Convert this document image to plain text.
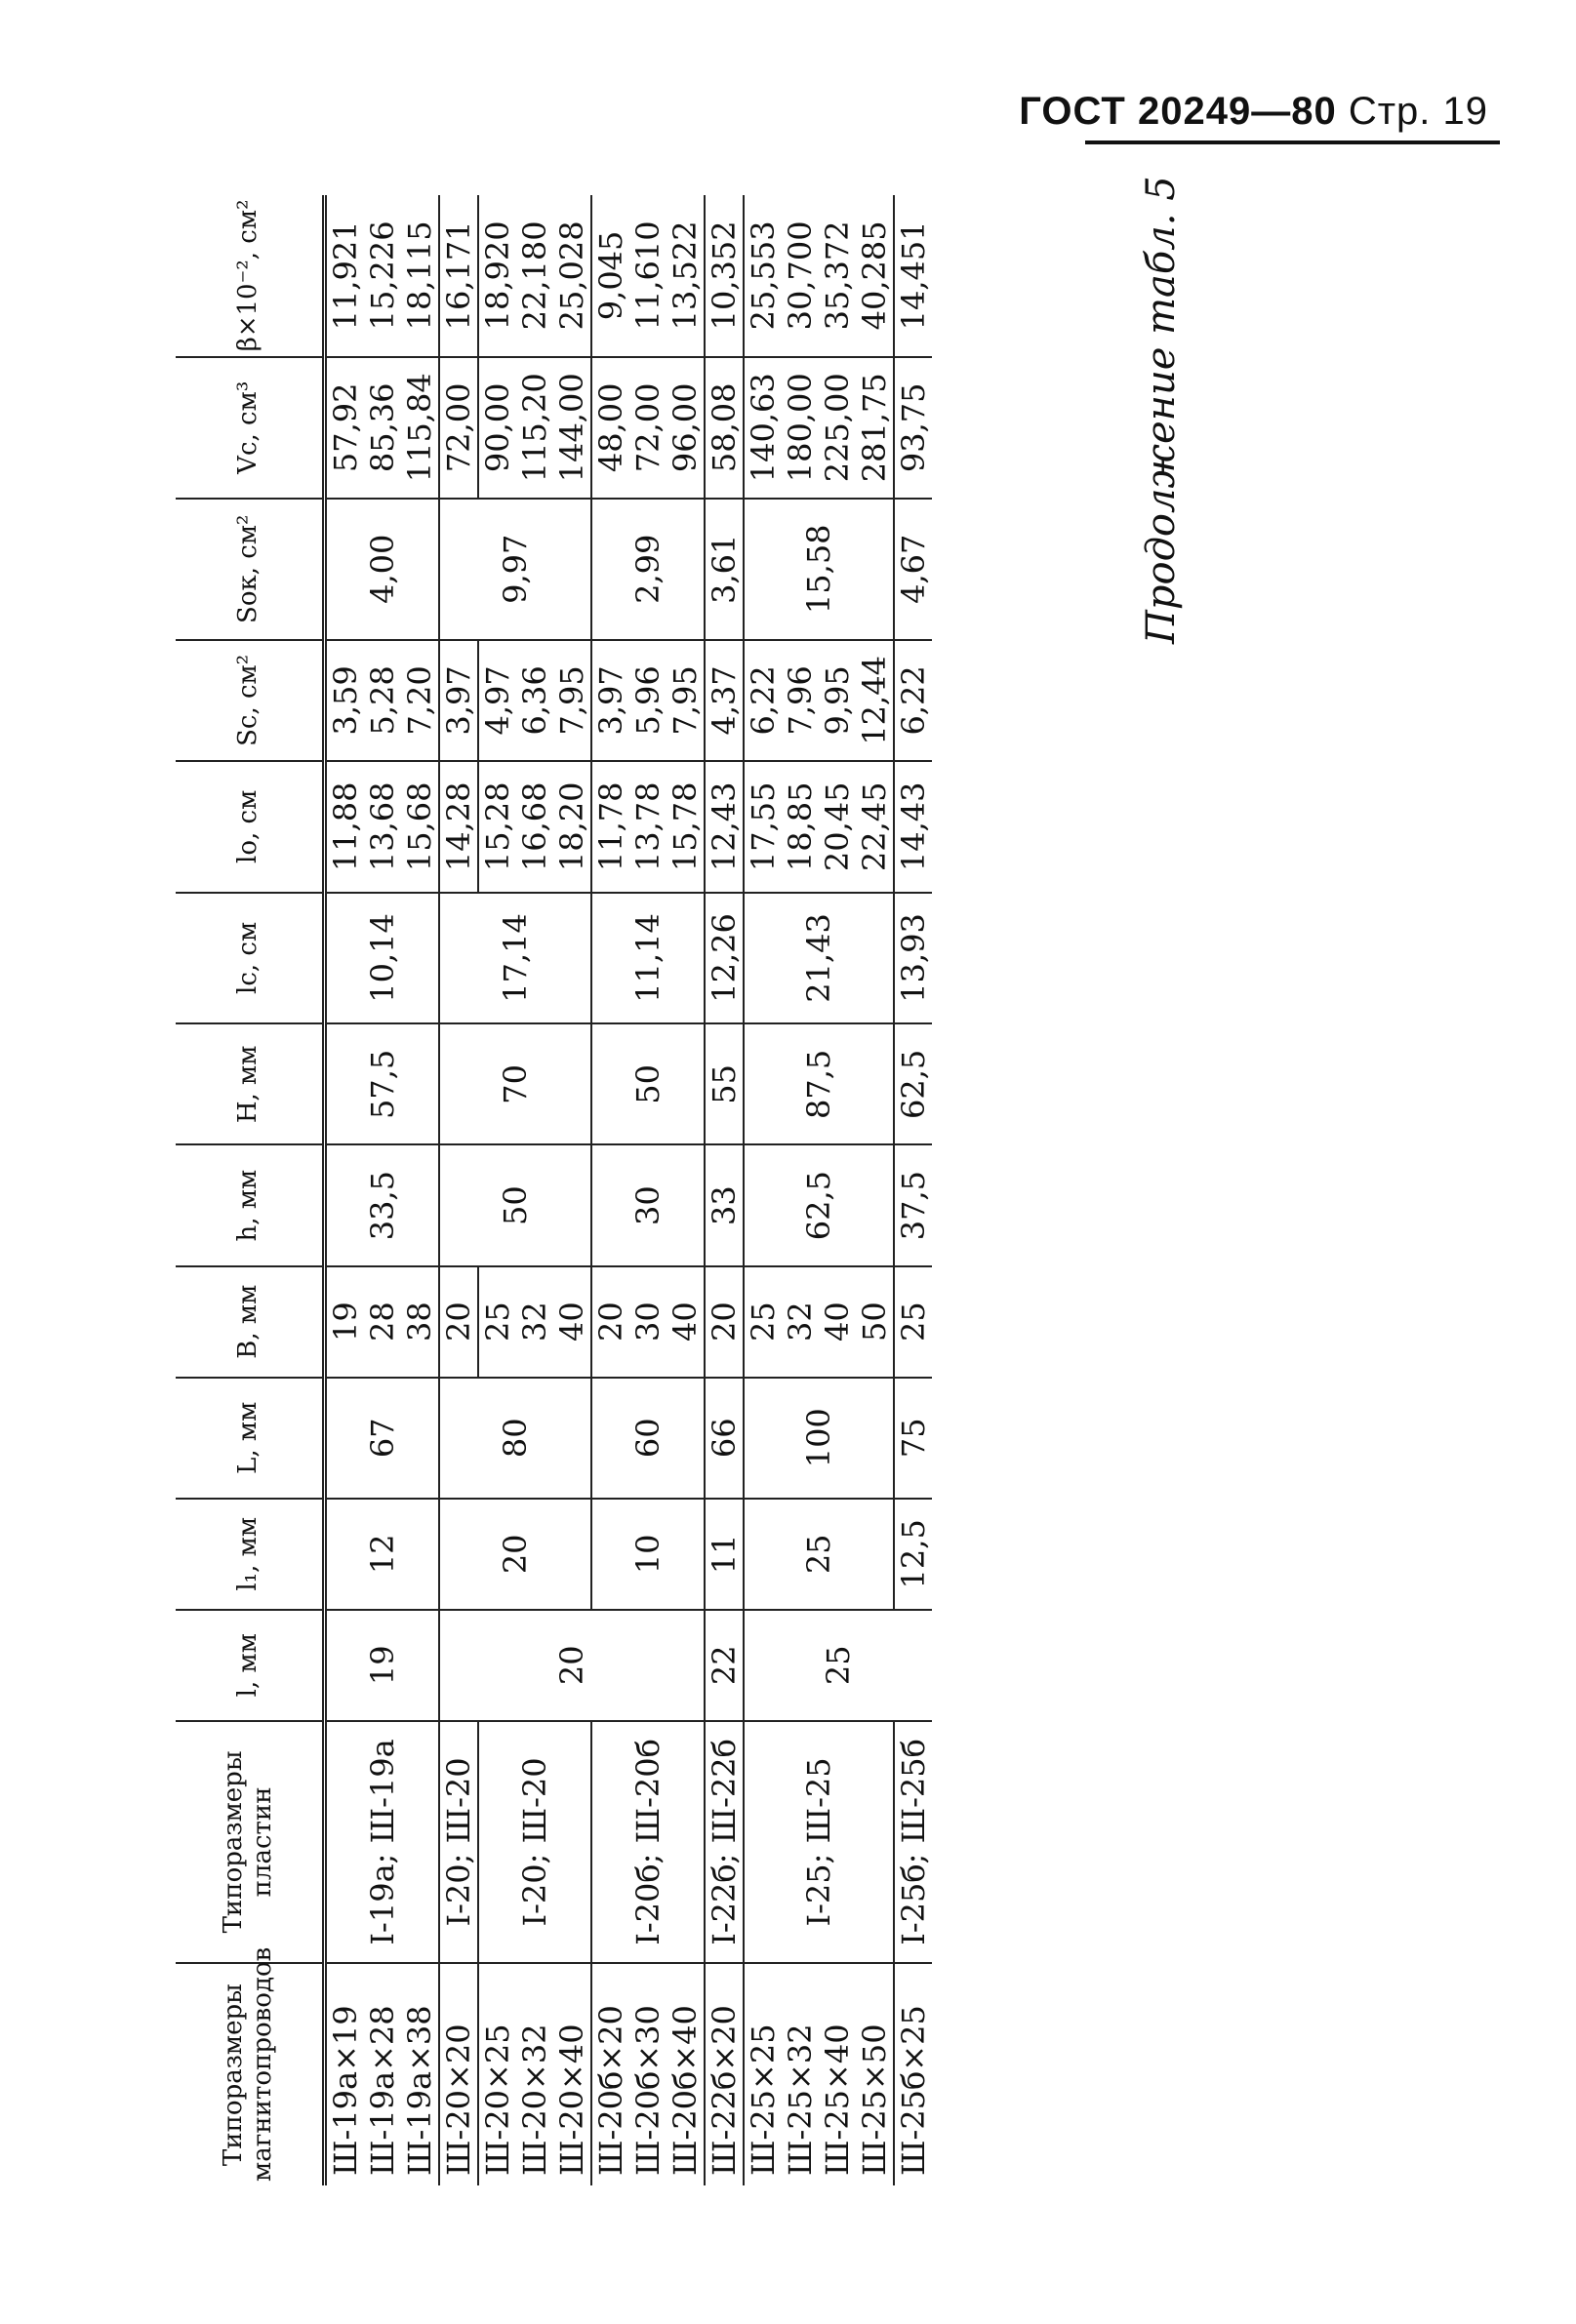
ГОСТ 20249—80 Стр. 19
Продолжение табл. 5
Типоразмеры магнитопроводов	Типоразмеры пластин	l, мм	l₁, мм	L, мм	B, мм	h, мм	H, мм	lс, см	lо, см	Sс, см²	Sок, см²	Vс, см³	β×10⁻², см²
Ш-19а×19	I-19а; Ш-19а	19	12	67	19	33,5	57,5	10,14	11,88	3,59	4,00	57,92	11,921
Ш-19а×28					28				13,68	5,28		85,36	15,226
Ш-19а×38					38				15,68	7,20		115,84	18,115
Ш-20×20	I-20; Ш-20	20	20	80	20	50	70	17,14	14,28	3,97	9,97	72,00	16,171
Ш-20×25	I-20; Ш-20				25				15,28	4,97		90,00	18,920
Ш-20×32					32				16,68	6,36		115,20	22,180
Ш-20×40					40				18,20	7,95		144,00	25,028
Ш-20б×20	I-20б; Ш-20б		10	60	20	30	50	11,14	11,78	3,97	2,99	48,00	9,045
Ш-20б×30					30				13,78	5,96		72,00	11,610
Ш-20б×40					40				15,78	7,95		96,00	13,522
Ш-22б×20	I-22б; Ш-22б	22	11	66	20	33	55	12,26	12,43	4,37	3,61	58,08	10,352
Ш-25×25	I-25; Ш-25	25	25	100	25	62,5	87,5	21,43	17,55	6,22	15,58	140,63	25,553
Ш-25×32					32				18,85	7,96		180,00	30,700
Ш-25×40					40				20,45	9,95		225,00	35,372
Ш-25×50					50				22,45	12,44		281,75	40,285
Ш-25б×25	I-25б; Ш-25б		12,5	75	25	37,5	62,5	13,93	14,43	6,22	4,67	93,75	14,451
